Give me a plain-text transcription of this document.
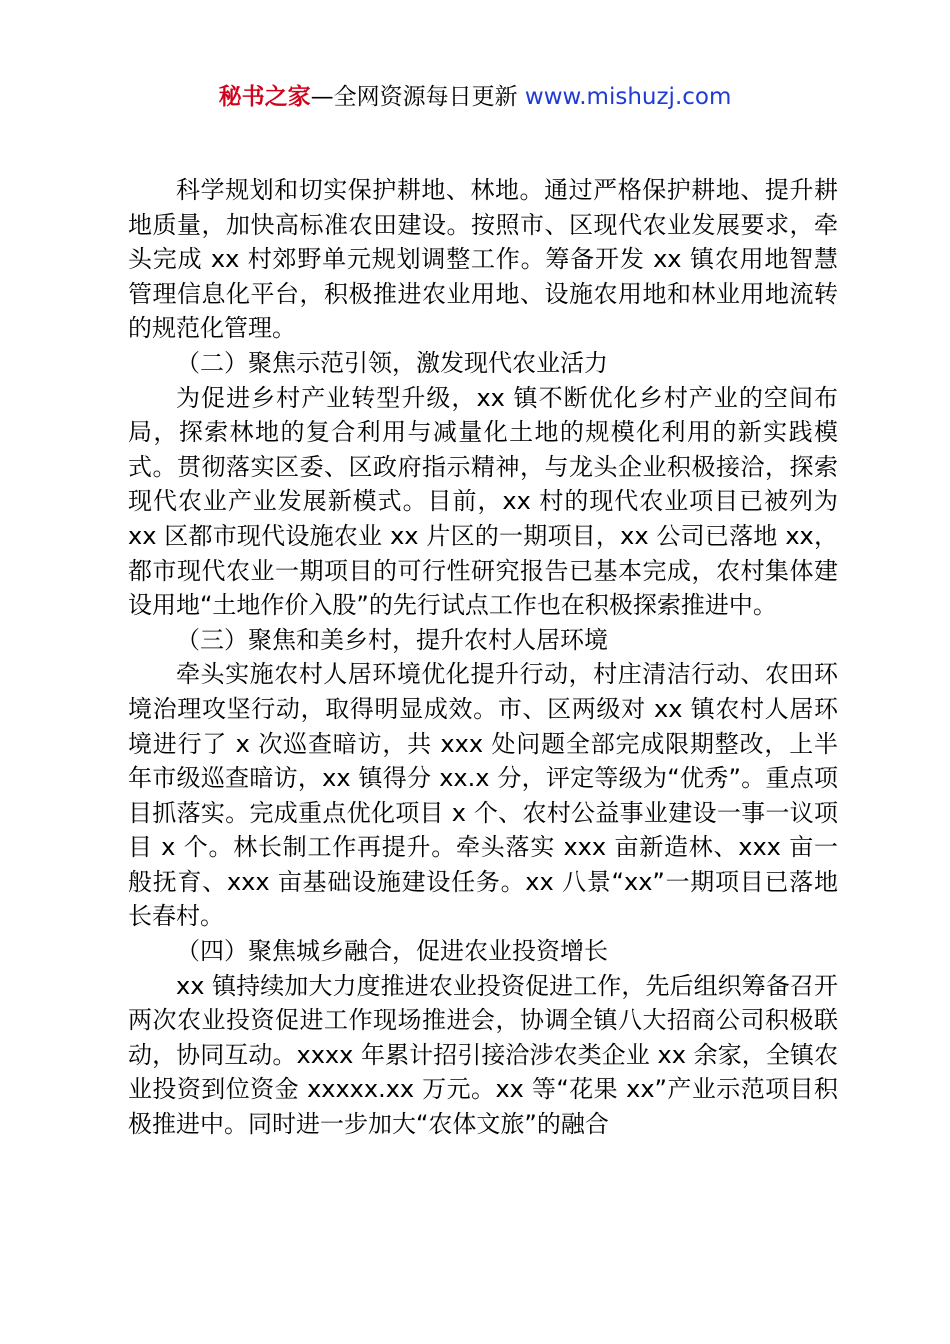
秘书之家—全网资源每日更新 www.mishuzj.com

科学规划和切实保护耕地、林地。通过严格保护耕地、提升耕地质量，加快高标准农田建设。按照市、区现代农业发展要求，牵头完成 xx 村郊野单元规划调整工作。筹备开发 xx 镇农用地智慧管理信息化平台，积极推进农业用地、设施农用地和林业用地流转的规范化管理。

（二）聚焦示范引领，激发现代农业活力

为促进乡村产业转型升级，xx 镇不断优化乡村产业的空间布局，探索林地的复合利用与减量化土地的规模化利用的新实践模式。贯彻落实区委、区政府指示精神，与龙头企业积极接洽，探索现代农业产业发展新模式。目前，xx 村的现代农业项目已被列为 xx 区都市现代设施农业 xx 片区的一期项目，xx 公司已落地 xx，都市现代农业一期项目的可行性研究报告已基本完成，农村集体建设用地“土地作价入股”的先行试点工作也在积极探索推进中。

（三）聚焦和美乡村，提升农村人居环境

牵头实施农村人居环境优化提升行动，村庄清洁行动、农田环境治理攻坚行动，取得明显成效。市、区两级对 xx 镇农村人居环境进行了 x 次巡查暗访，共 xxx 处问题全部完成限期整改，上半年市级巡查暗访，xx 镇得分 xx.x 分，评定等级为“优秀”。重点项目抓落实。完成重点优化项目 x 个、农村公益事业建设一事一议项目 x 个。林长制工作再提升。牵头落实 xxx 亩新造林、xxx 亩一般抚育、xxx 亩基础设施建设任务。xx 八景“xx”一期项目已落地长春村。

（四）聚焦城乡融合，促进农业投资增长

xx 镇持续加大力度推进农业投资促进工作，先后组织筹备召开两次农业投资促进工作现场推进会，协调全镇八大招商公司积极联动，协同互动。xxxx 年累计招引接洽涉农类企业 xx 余家，全镇农业投资到位资金 xxxxx.xx 万元。xx 等“花果 xx”产业示范项目积极推进中。同时进一步加大“农体文旅”的融合
